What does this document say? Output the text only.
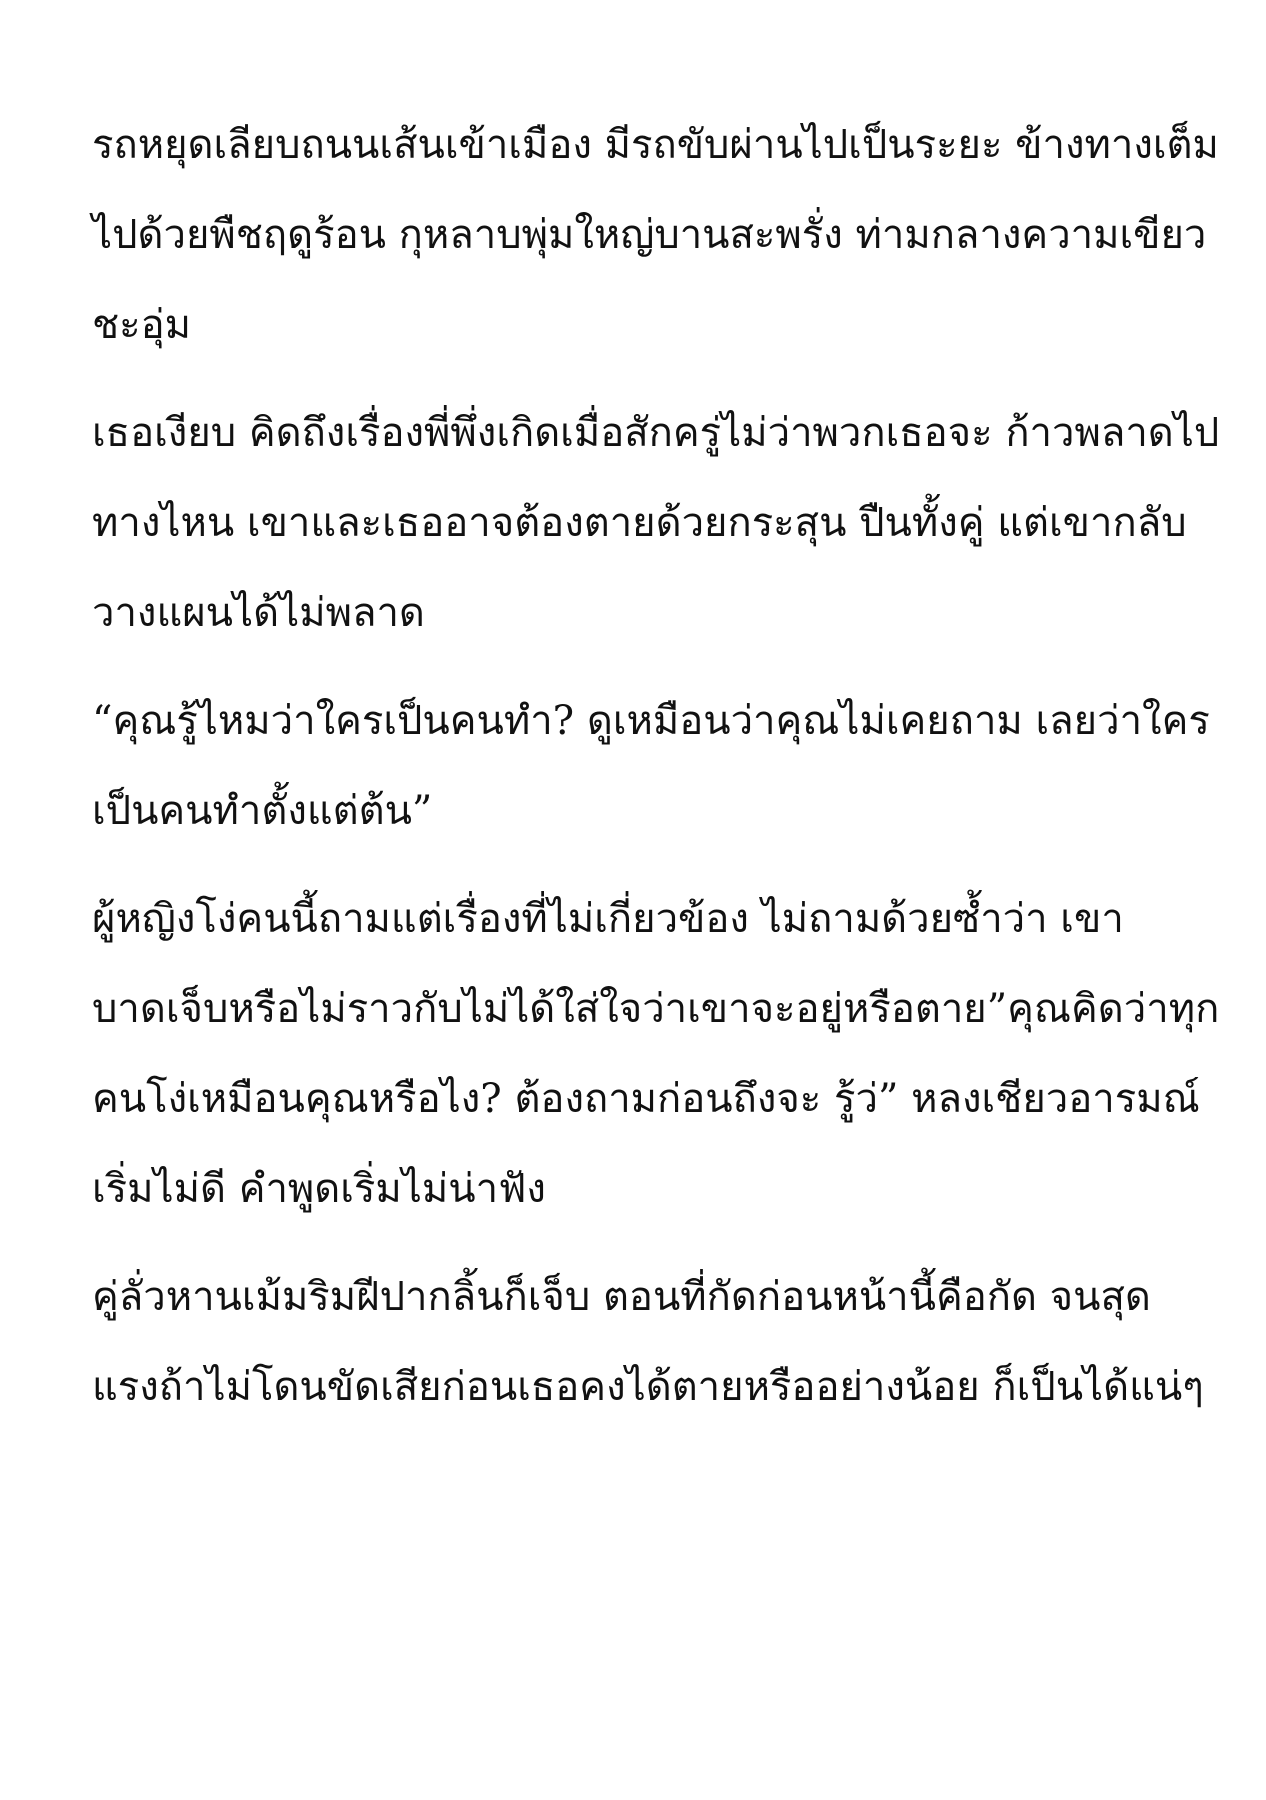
รถหยุดเลียบถนนเส้นเข้าเมือง มีรถขับผ่านไปเป็นระยะ ข้างทางเต็ม
ไปด้วยพืชฤดูร้อน กุหลาบพุ่มใหญ่บานสะพรั่ง ท่ามกลางความเขียว
ชะอุ่ม

เธอเงียบ คิดถึงเรื่องพี่พึ่งเกิดเมื่อสักครู่ไม่ว่าพวกเธอจะ ก้าวพลาดไป
ทางไหน เขาและเธออาจต้องตายด้วยกระสุน ปืนทั้งคู่ แต่เขากลับ
วางแผนได้ไม่พลาด

“คุณรู้ไหมว่าใครเป็นคนทำ? ดูเหมือนว่าคุณไม่เคยถาม เลยว่าใคร
เป็นคนทำตั้งแต่ต้น”

ผู้หญิงโง่คนนี้ถามแต่เรื่องที่ไม่เกี่ยวข้อง ไม่ถามด้วยซ้ำว่า เขา
บาดเจ็บหรือไม่ราวกับไม่ได้ใส่ใจว่าเขาจะอยู่หรือตาย”คุณคิดว่าทุก
คนโง่เหมือนคุณหรือไง? ต้องถามก่อนถึงจะ รู้ว่” หลงเชียวอารมณ์
เริ่มไม่ดี คำพูดเริ่มไม่น่าฟัง

คู่ลั่วหานเม้มริมฝีปากลิ้นก็เจ็บ ตอนที่กัดก่อนหน้านี้คือกัด จนสุด
แรงถ้าไม่โดนขัดเสียก่อนเธอคงได้ตายหรืออย่างน้อย ก็เป็นได้แน่ๆ
